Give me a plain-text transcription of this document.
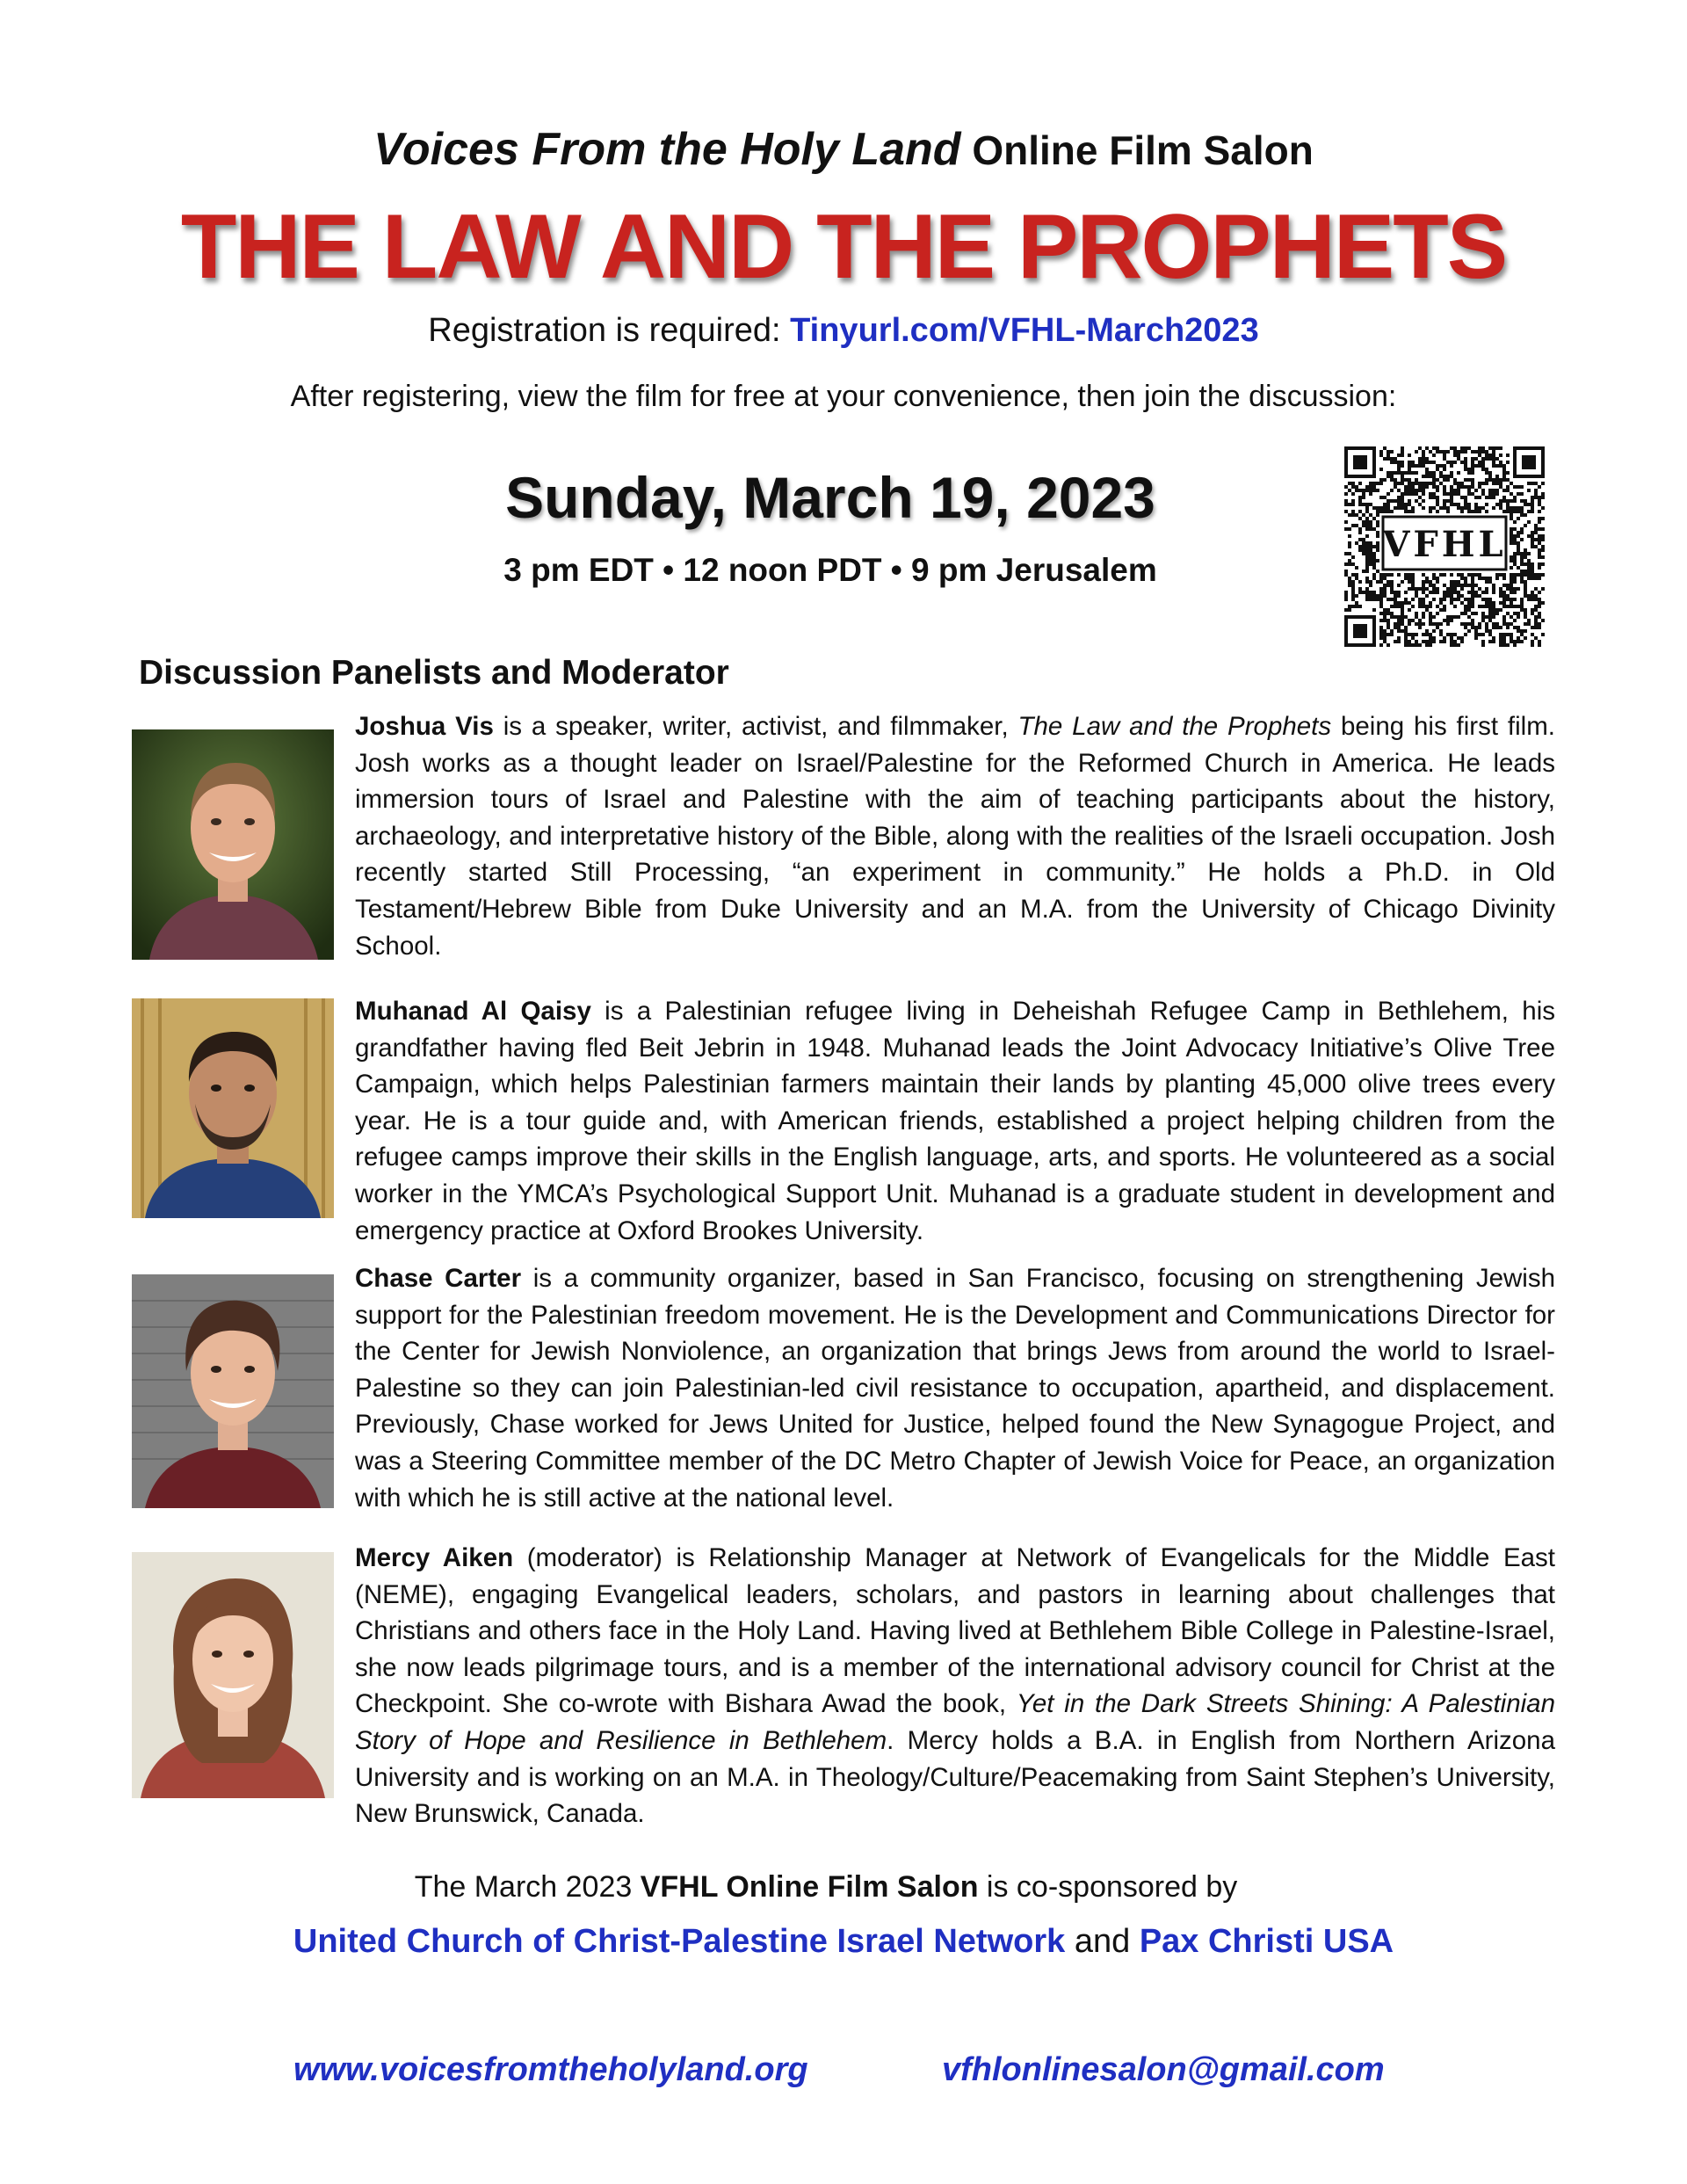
Voices From the Holy Land Online Film Salon
THE LAW AND THE PROPHETS
Registration is required: Tinyurl.com/VFHL-March2023
After registering, view the film for free at your convenience, then join the discussion:
Sunday, March 19, 2023
3 pm EDT • 12 noon PDT • 9 pm Jerusalem
VFHL
Discussion Panelists and Moderator
Joshua Vis is a speaker, writer, activist, and filmmaker, The Law and the Prophets being his first film. Josh works as a thought leader on Israel/Palestine for the Reformed Church in America. He leads immersion tours of Israel and Palestine with the aim of teaching participants about the history, archaeology, and interpretative history of the Bible, along with the realities of the Israeli occupation. Josh recently started Still Processing, “an experiment in community.” He holds a Ph.D. in Old Testament/Hebrew Bible from Duke University and an M.A. from the University of Chicago Divinity School.
Muhanad Al Qaisy is a Palestinian refugee living in Deheishah Refugee Camp in Bethlehem, his grandfather having fled Beit Jebrin in 1948. Muhanad leads the Joint Advocacy Initiative’s Olive Tree Campaign, which helps Palestinian farmers maintain their lands by planting 45,000 olive trees every year. He is a tour guide and, with American friends, established a project helping children from the refugee camps improve their skills in the English language, arts, and sports. He volunteered as a social worker in the YMCA’s Psychological Support Unit. Muhanad is a graduate student in development and emergency practice at Oxford Brookes University.
Chase Carter is a community organizer, based in San Francisco, focusing on strengthening Jewish support for the Palestinian freedom movement. He is the Development and Communications Director for the Center for Jewish Nonviolence, an organization that brings Jews from around the world to Israel-Palestine so they can join Palestinian-led civil resistance to occupation, apartheid, and displacement. Previously, Chase worked for Jews United for Justice, helped found the New Synagogue Project, and was a Steering Committee member of the DC Metro Chapter of Jewish Voice for Peace, an organization with which he is still active at the national level.
Mercy Aiken (moderator) is Relationship Manager at Network of Evangelicals for the Middle East (NEME), engaging Evangelical leaders, scholars, and pastors in learning about challenges that Christians and others face in the Holy Land. Having lived at Bethlehem Bible College in Palestine-Israel, she now leads pilgrimage tours, and is a member of the international advisory council for Christ at the Checkpoint. She co-wrote with Bishara Awad the book, Yet in the Dark Streets Shining: A Palestinian Story of Hope and Resilience in Bethlehem. Mercy holds a B.A. in English from Northern Arizona University and is working on an M.A. in Theology/Culture/Peacemaking from Saint Stephen’s University, New Brunswick, Canada.
The March 2023 VFHL Online Film Salon is co-sponsored by
United Church of Christ-Palestine Israel Network and Pax Christi USA
www.voicesfromtheholyland.org	vfhlonlinesalon@gmail.com
